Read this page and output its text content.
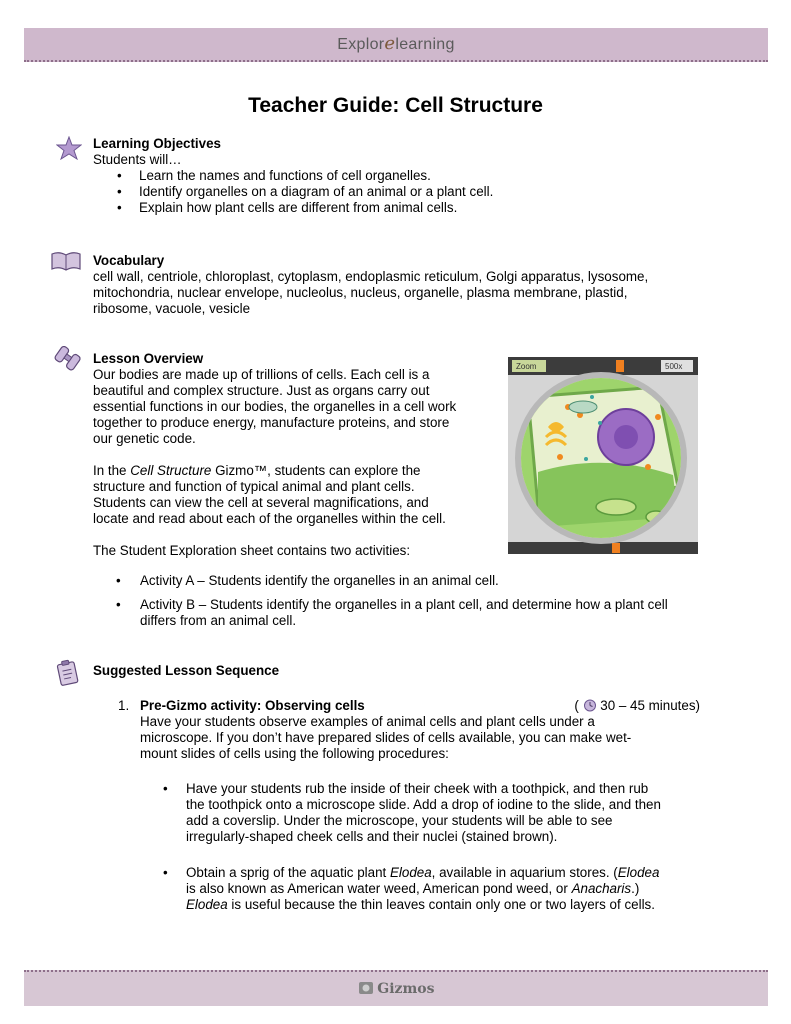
Explorelearning
Teacher Guide: Cell Structure
Learning Objectives
Students will…
• Learn the names and functions of cell organelles.
• Identify organelles on a diagram of an animal or a plant cell.
• Explain how plant cells are different from animal cells.
Vocabulary
cell wall, centriole, chloroplast, cytoplasm, endoplasmic reticulum, Golgi apparatus, lysosome,
mitochondria, nuclear envelope, nucleolus, nucleus, organelle, plasma membrane, plastid,
ribosome, vacuole, vesicle
Lesson Overview
Our bodies are made up of trillions of cells. Each cell is a
beautiful and complex structure. Just as organs carry out
essential functions in our bodies, the organelles in a cell work
together to produce energy, manufacture proteins, and store
our genetic code.
In the Cell Structure Gizmo™, students can explore the
structure and function of typical animal and plant cells.
Students can view the cell at several magnifications, and
locate and read about each of the organelles within the cell.
The Student Exploration sheet contains two activities:
• Activity A – Students identify the organelles in an animal cell.
• Activity B – Students identify the organelles in a plant cell, and determine how a plant cell differs from an animal cell.
Zoom	500x
Suggested Lesson Sequence
1. Pre-Gizmo activity: Observing cells	( 30 – 45 minutes)
Have your students observe examples of animal cells and plant cells under a
microscope. If you don’t have prepared slides of cells available, you can make wet-
mount slides of cells using the following procedures:
• Have your students rub the inside of their cheek with a toothpick, and then rub
the toothpick onto a microscope slide. Add a drop of iodine to the slide, and then
add a coverslip. Under the microscope, your students will be able to see
irregularly-shaped cheek cells and their nuclei (stained brown).
• Obtain a sprig of the aquatic plant Elodea, available in aquarium stores. (Elodea
is also known as American water weed, American pond weed, or Anacharis.)
Elodea is useful because the thin leaves contain only one or two layers of cells.
Gizmos
